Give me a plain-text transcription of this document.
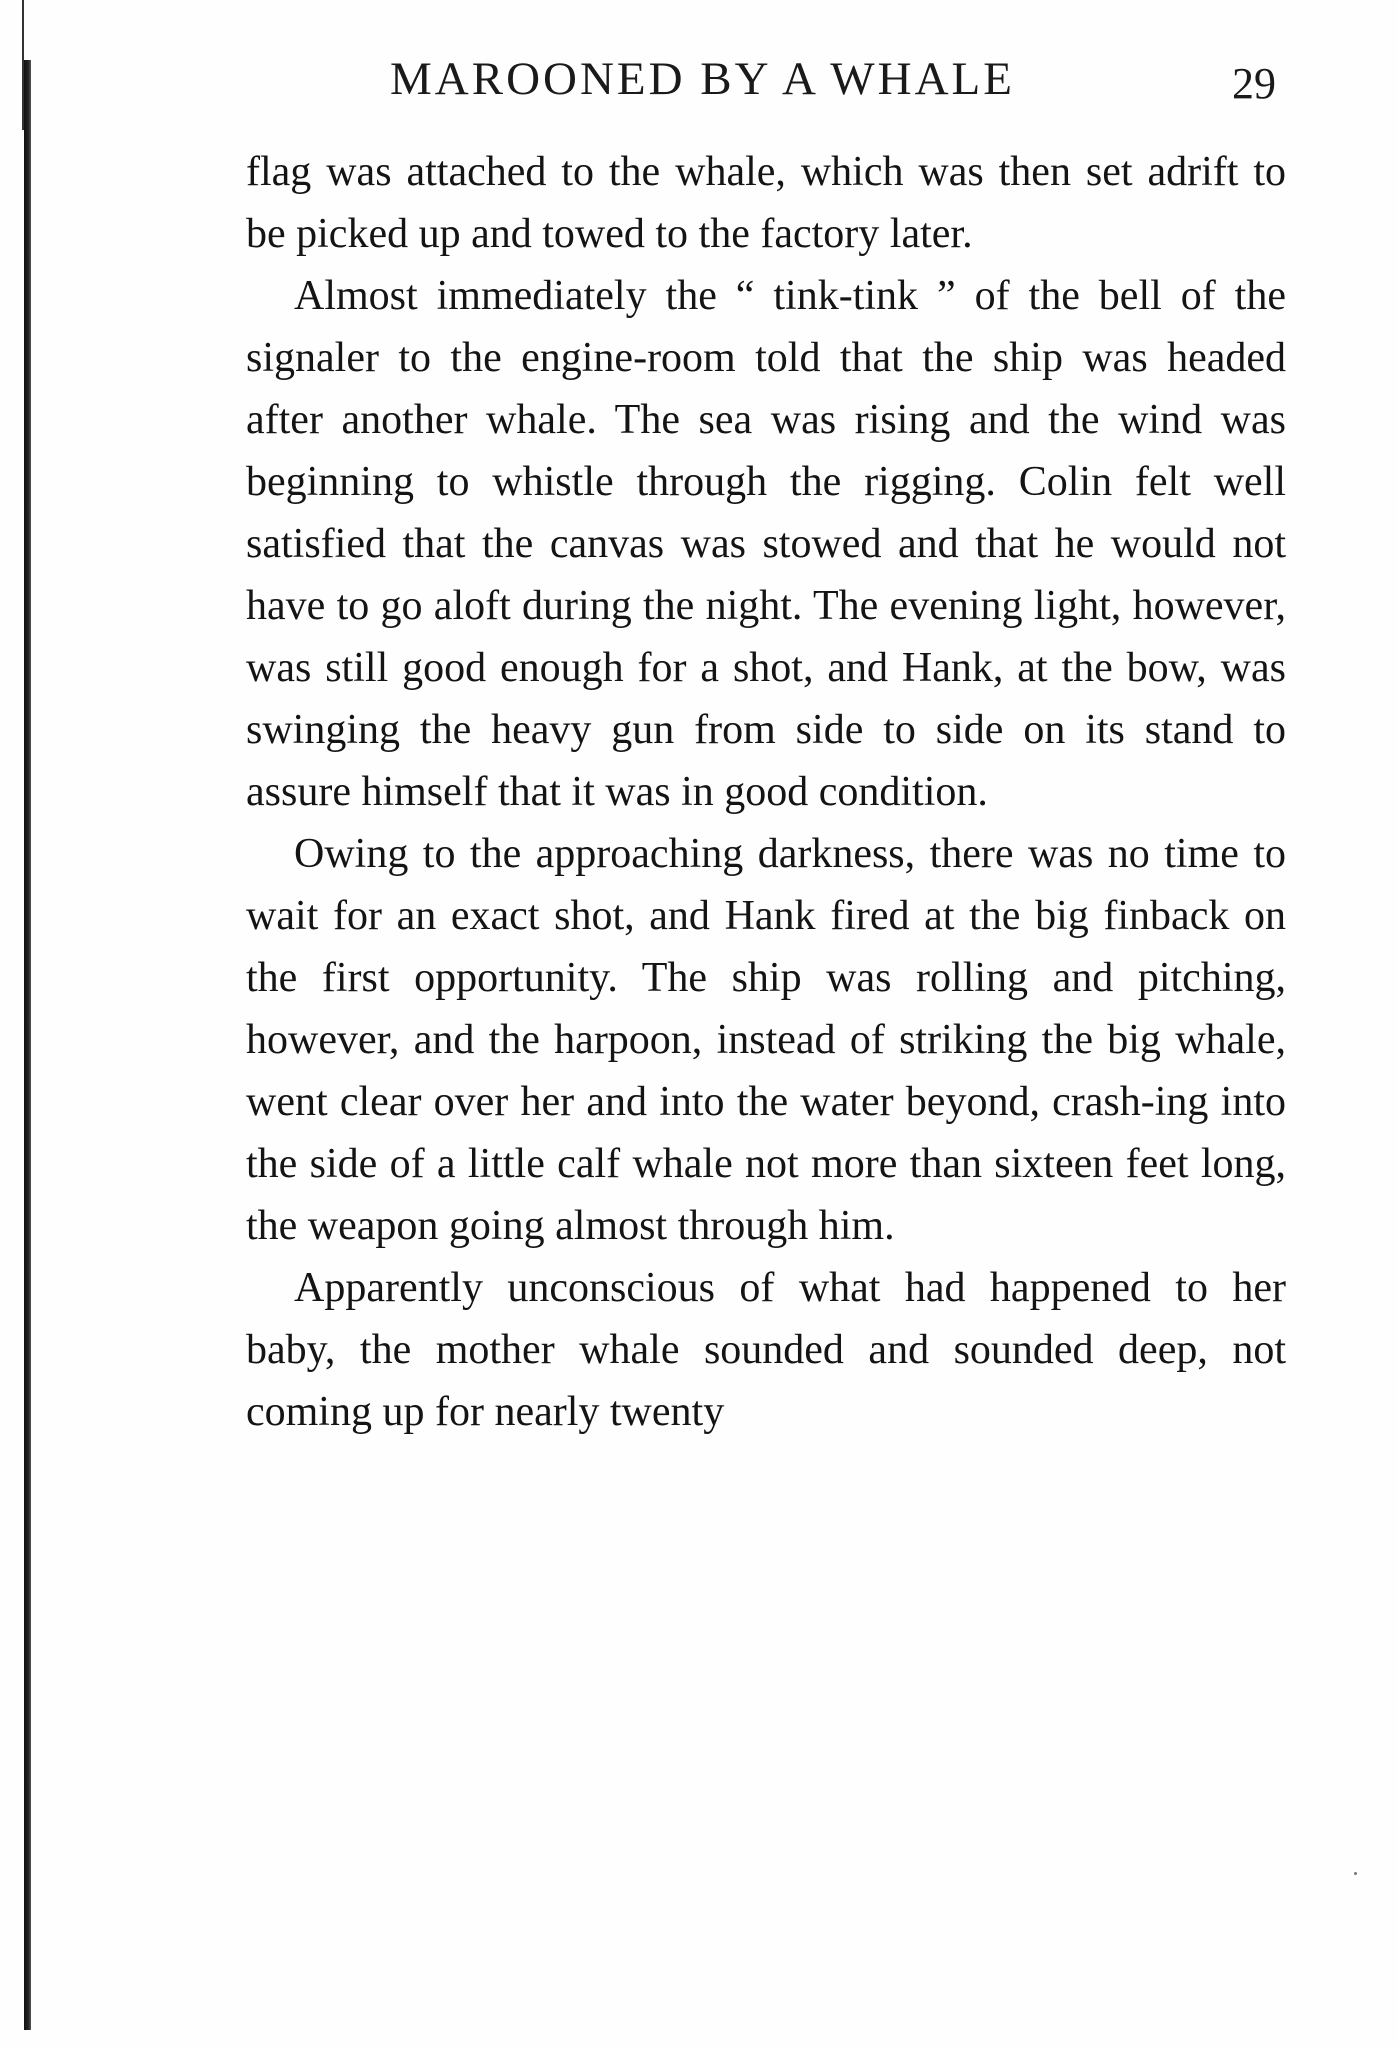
MAROONED BY A WHALE	29

flag was attached to the whale, which was then set adrift to be picked up and towed to the factory later.

Almost immediately the “ tink-tink ” of the bell of the signaler to the engine-room told that the ship was headed after another whale. The sea was rising and the wind was beginning to whistle through the rigging. Colin felt well satisfied that the canvas was stowed and that he would not have to go aloft during the night. The evening light, however, was still good enough for a shot, and Hank, at the bow, was swinging the heavy gun from side to side on its stand to assure himself that it was in good condition.

Owing to the approaching darkness, there was no time to wait for an exact shot, and Hank fired at the big finback on the first opportunity. The ship was rolling and pitching, however, and the harpoon, instead of striking the big whale, went clear over her and into the water beyond, crash-ing into the side of a little calf whale not more than sixteen feet long, the weapon going almost through him.

Apparently unconscious of what had happened to her baby, the mother whale sounded and sounded deep, not coming up for nearly twenty
